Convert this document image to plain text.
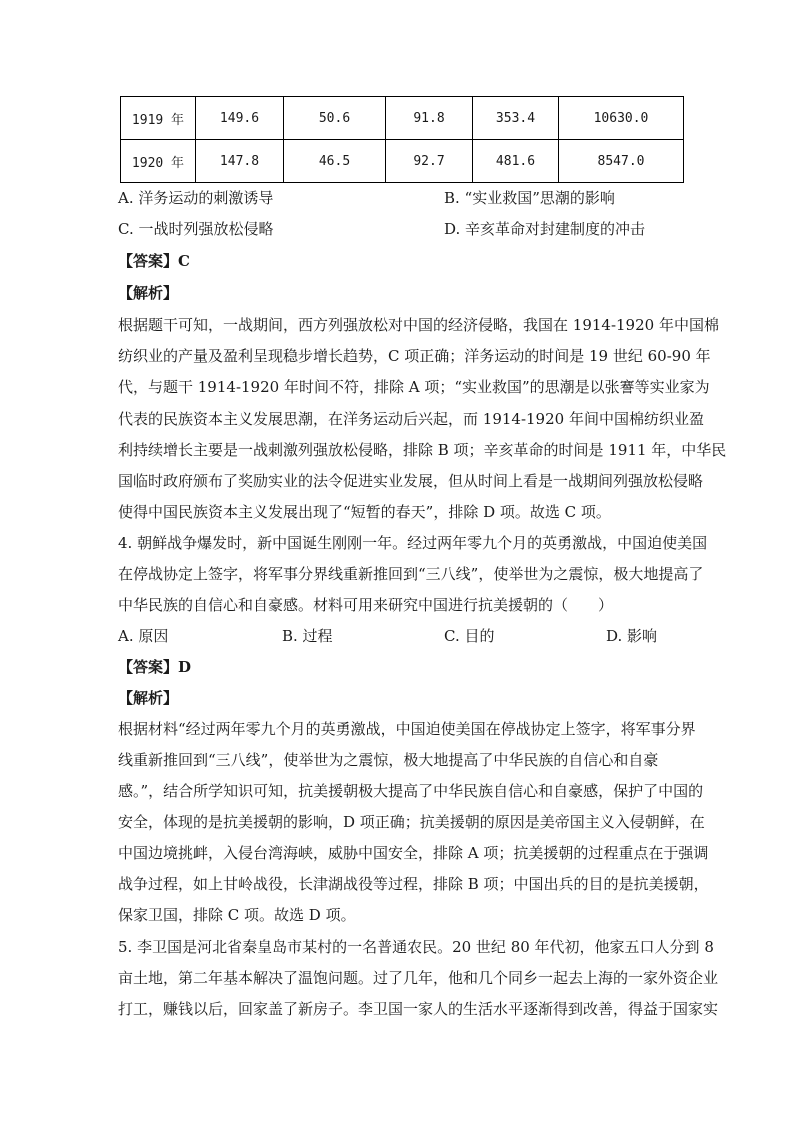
1919 年	149.6	50.6	91.8	353.4	10630.0
1920 年	147.8	46.5	92.7	481.6	8547.0
A. 洋务运动的刺激诱导	B. “实业救国”思潮的影响
C. 一战时列强放松侵略	D. 辛亥革命对封建制度的冲击
【答案】C
【解析】
根据题干可知，一战期间，西方列强放松对中国的经济侵略，我国在 1914-1920 年中国棉
纺织业的产量及盈利呈现稳步增长趋势，C 项正确；洋务运动的时间是 19 世纪 60-90 年
代，与题干 1914-1920 年时间不符，排除 A 项；“实业救国”的思潮是以张謇等实业家为
代表的民族资本主义发展思潮，在洋务运动后兴起，而 1914-1920 年间中国棉纺织业盈
利持续增长主要是一战刺激列强放松侵略，排除 B 项；辛亥革命的时间是 1911 年，中华民
国临时政府颁布了奖励实业的法令促进实业发展，但从时间上看是一战期间列强放松侵略
使得中国民族资本主义发展出现了“短暂的春天”，排除 D 项。故选 C 项。
4. 朝鲜战争爆发时，新中国诞生刚刚一年。经过两年零九个月的英勇激战，中国迫使美国
在停战协定上签字，将军事分界线重新推回到“三八线”，使举世为之震惊，极大地提高了
中华民族的自信心和自豪感。材料可用来研究中国进行抗美援朝的（　　）
A. 原因	B. 过程	C. 目的	D. 影响
【答案】D
【解析】
根据材料“经过两年零九个月的英勇激战，中国迫使美国在停战协定上签字，将军事分界
线重新推回到“三八线”，使举世为之震惊，极大地提高了中华民族的自信心和自豪
感。”，结合所学知识可知，抗美援朝极大提高了中华民族自信心和自豪感，保护了中国的
安全，体现的是抗美援朝的影响，D 项正确；抗美援朝的原因是美帝国主义入侵朝鲜，在
中国边境挑衅，入侵台湾海峡，威胁中国安全，排除 A 项；抗美援朝的过程重点在于强调
战争过程，如上甘岭战役，长津湖战役等过程，排除 B 项；中国出兵的目的是抗美援朝，
保家卫国，排除 C 项。故选 D 项。
5. 李卫国是河北省秦皇岛市某村的一名普通农民。20 世纪 80 年代初，他家五口人分到 8
亩土地，第二年基本解决了温饱问题。过了几年，他和几个同乡一起去上海的一家外资企业
打工，赚钱以后，回家盖了新房子。李卫国一家人的生活水平逐渐得到改善，得益于国家实
